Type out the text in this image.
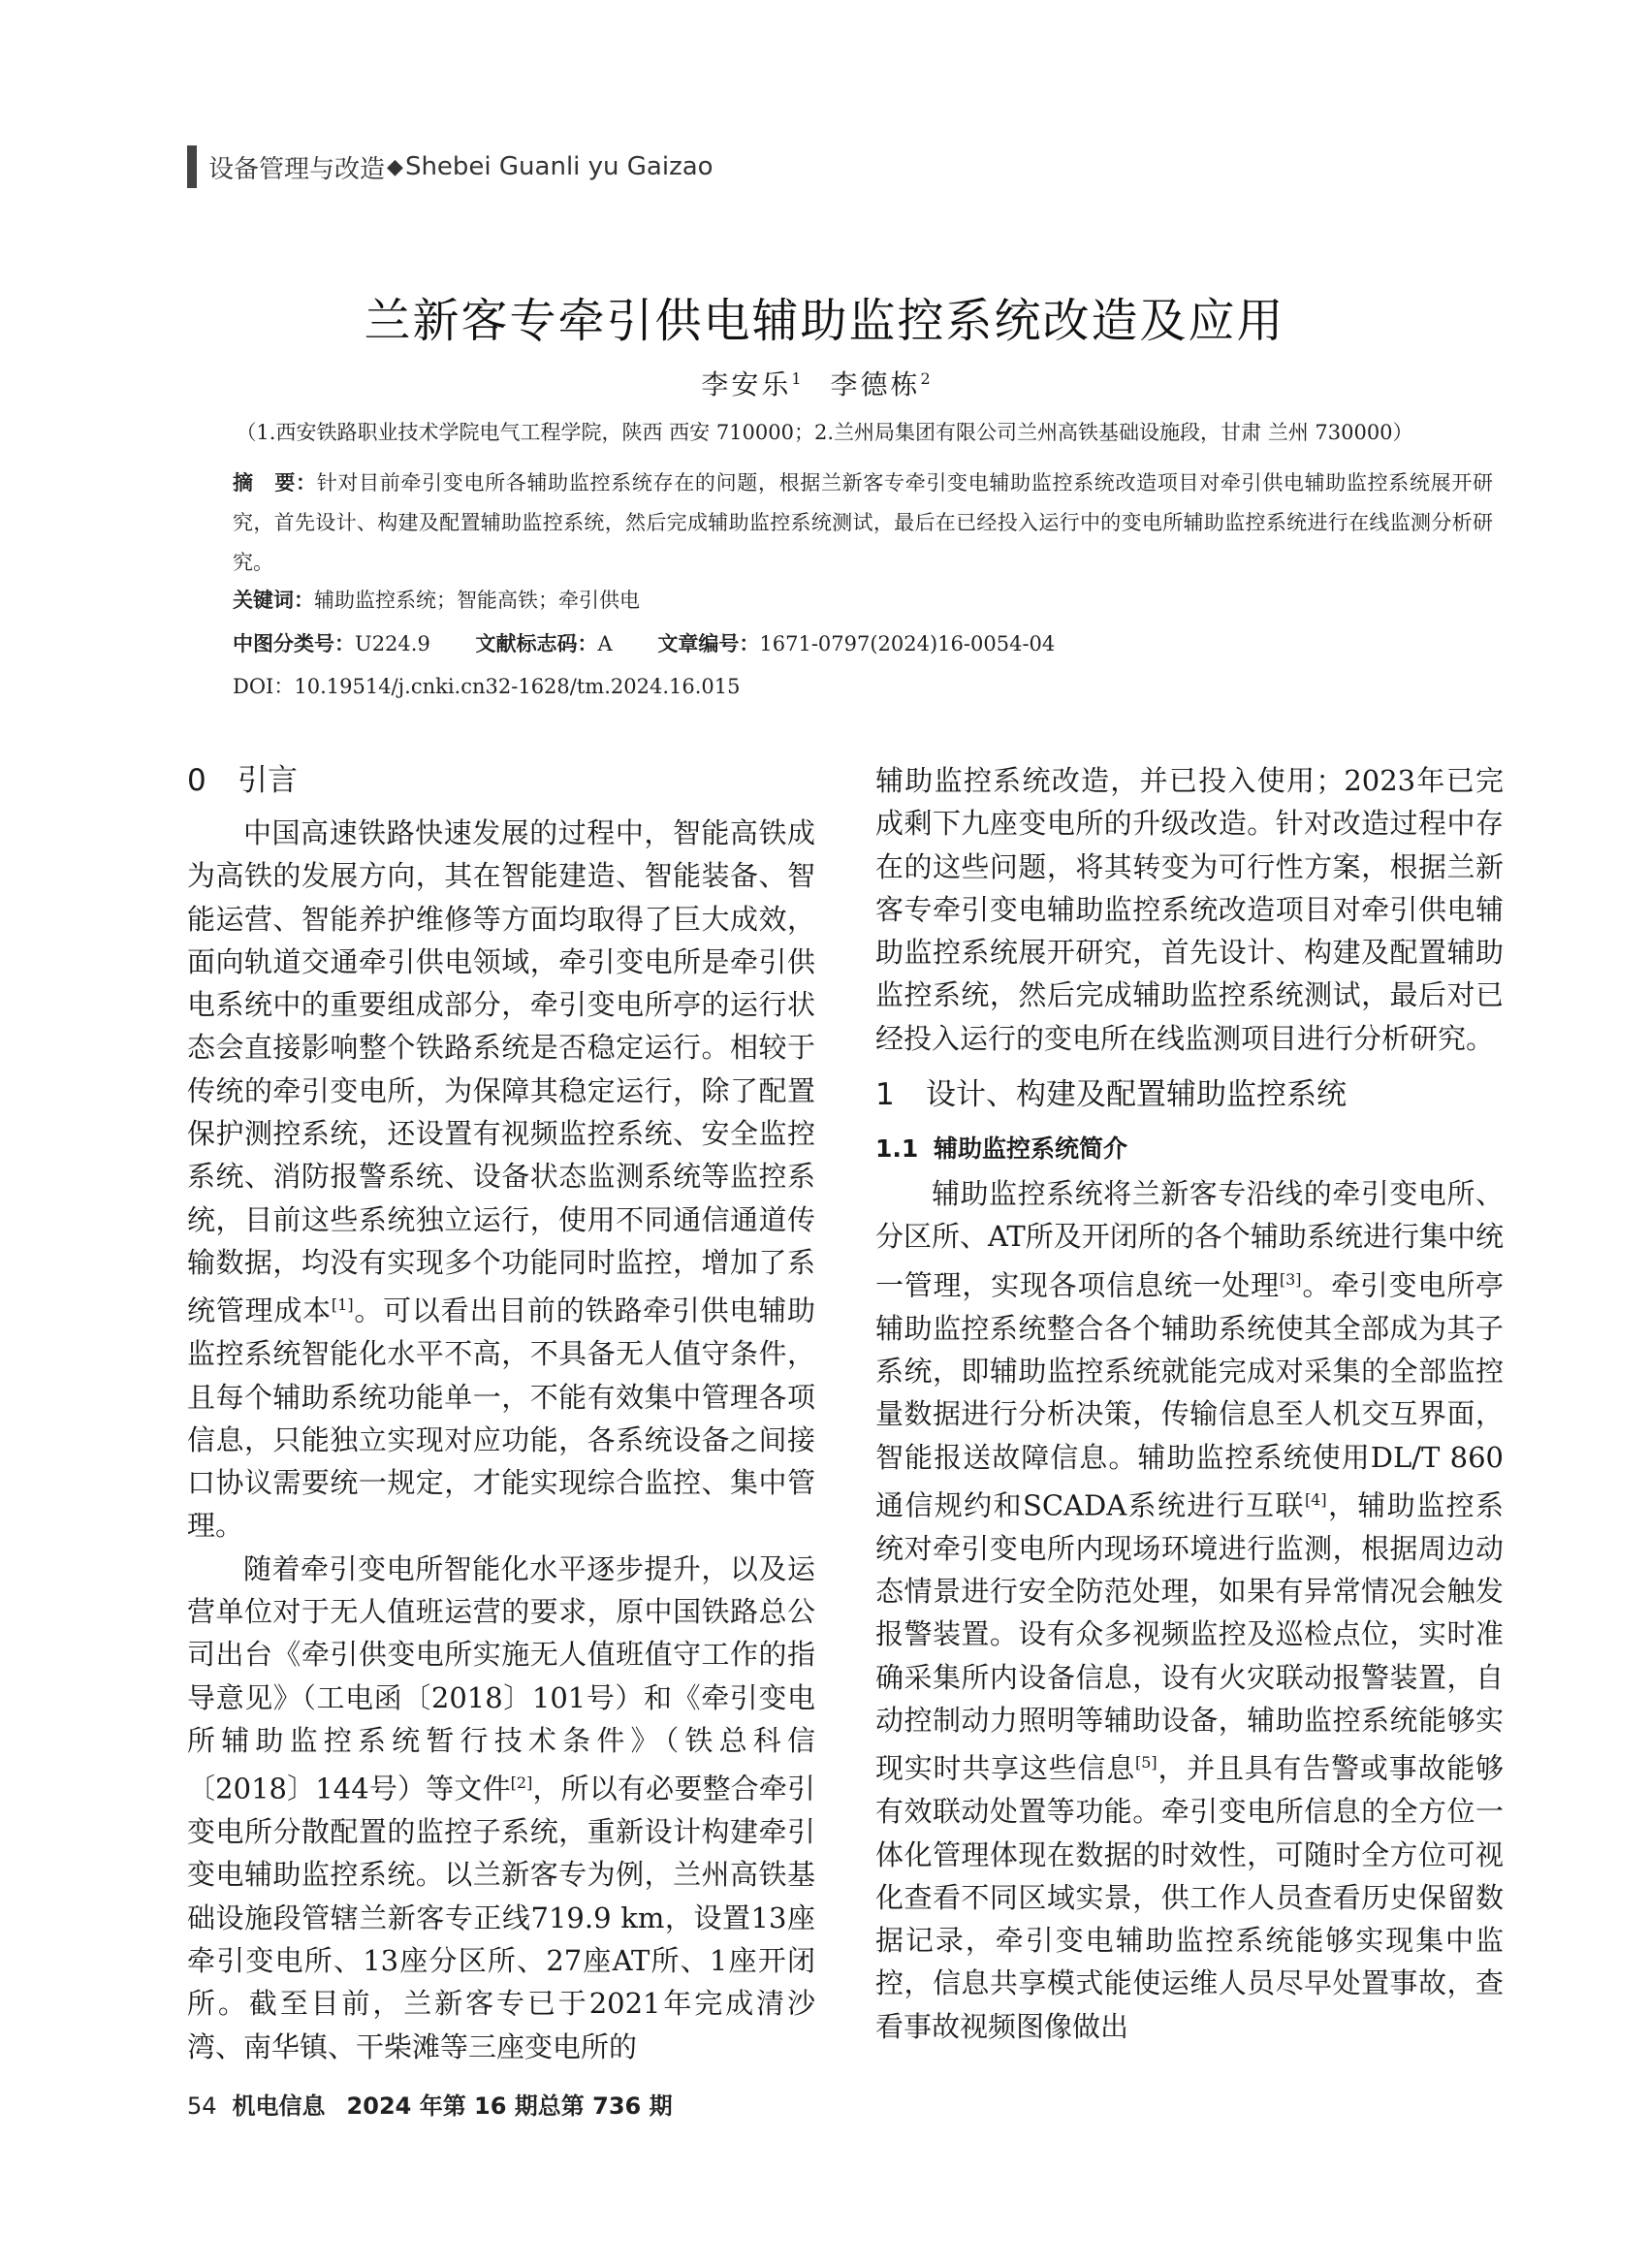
设备管理与改造 ◆ Shebei Guanli yu Gaizao
兰新客专牵引供电辅助监控系统改造及应用
李安乐$^1$ 李德栋$^2$
（1.西安铁路职业技术学院电气工程学院，陕西 西安 710000；2.兰州局集团有限公司兰州高铁基础设施段，甘肃 兰州 730000）
摘　要：针对目前牵引变电所各辅助监控系统存在的问题，根据兰新客专牵引变电辅助监控系统改造项目对牵引供电辅助监控系统展开研究，首先设计、构建及配置辅助监控系统，然后完成辅助监控系统测试，最后在已经投入运行中的变电所辅助监控系统进行在线监测分析研究。
关键词：辅助监控系统；智能高铁；牵引供电
中图分类号：U224.9 文献标志码：A 文章编号：1671-0797(2024)16-0054-04
DOI：10.19514/j.cnki.cn32-1628/tm.2024.16.015
0 引言

中国高速铁路快速发展的过程中，智能高铁成为高铁的发展方向，其在智能建造、智能装备、智能运营、智能养护维修等方面均取得了巨大成效，面向轨道交通牵引供电领域，牵引变电所是牵引供电系统中的重要组成部分，牵引变电所亭的运行状态会直接影响整个铁路系统是否稳定运行。相较于传统的牵引变电所，为保障其稳定运行，除了配置保护测控系统，还设置有视频监控系统、安全监控系统、消防报警系统、设备状态监测系统等监控系统，目前这些系统独立运行，使用不同通信通道传输数据，均没有实现多个功能同时监控，增加了系统管理成本[1]。可以看出目前的铁路牵引供电辅助监控系统智能化水平不高，不具备无人值守条件，且每个辅助系统功能单一，不能有效集中管理各项信息，只能独立实现对应功能，各系统设备之间接口协议需要统一规定，才能实现综合监控、集中管理。

随着牵引变电所智能化水平逐步提升，以及运营单位对于无人值班运营的要求，原中国铁路总公司出台《牵引供变电所实施无人值班值守工作的指导意见》（工电函〔2018〕101号）和《牵引变电所辅助监控系统暂行技术条件》（铁总科信〔2018〕144号）等文件[2]，所以有必要整合牵引变电所分散配置的监控子系统，重新设计构建牵引变电辅助监控系统。以兰新客专为例，兰州高铁基础设施段管辖兰新客专正线719.9 km，设置13座牵引变电所、13座分区所、27座AT所、1座开闭所。截至目前，兰新客专已于2021年完成清沙湾、南华镇、干柴滩等三座变电所的

辅助监控系统改造，并已投入使用；2023年已完成剩下九座变电所的升级改造。针对改造过程中存在的这些问题，将其转变为可行性方案，根据兰新客专牵引变电辅助监控系统改造项目对牵引供电辅助监控系统展开研究，首先设计、构建及配置辅助监控系统，然后完成辅助监控系统测试，最后对已经投入运行的变电所在线监测项目进行分析研究。

1 设计、构建及配置辅助监控系统
1.1 辅助监控系统简介

辅助监控系统将兰新客专沿线的牵引变电所、分区所、AT所及开闭所的各个辅助系统进行集中统一管理，实现各项信息统一处理[3]。牵引变电所亭辅助监控系统整合各个辅助系统使其全部成为其子系统，即辅助监控系统就能完成对采集的全部监控量数据进行分析决策，传输信息至人机交互界面，智能报送故障信息。辅助监控系统使用DL/T 860通信规约和SCADA系统进行互联[4]，辅助监控系统对牵引变电所内现场环境进行监测，根据周边动态情景进行安全防范处理，如果有异常情况会触发报警装置。设有众多视频监控及巡检点位，实时准确采集所内设备信息，设有火灾联动报警装置，自动控制动力照明等辅助设备，辅助监控系统能够实现实时共享这些信息[5]，并且具有告警或事故能够有效联动处置等功能。牵引变电所信息的全方位一体化管理体现在数据的时效性，可随时全方位可视化查看不同区域实景，供工作人员查看历史保留数据记录，牵引变电辅助监控系统能够实现集中监控，信息共享模式能使运维人员尽早处置事故，查看事故视频图像做出

54 机电信息 2024 年第 16 期总第 736 期
